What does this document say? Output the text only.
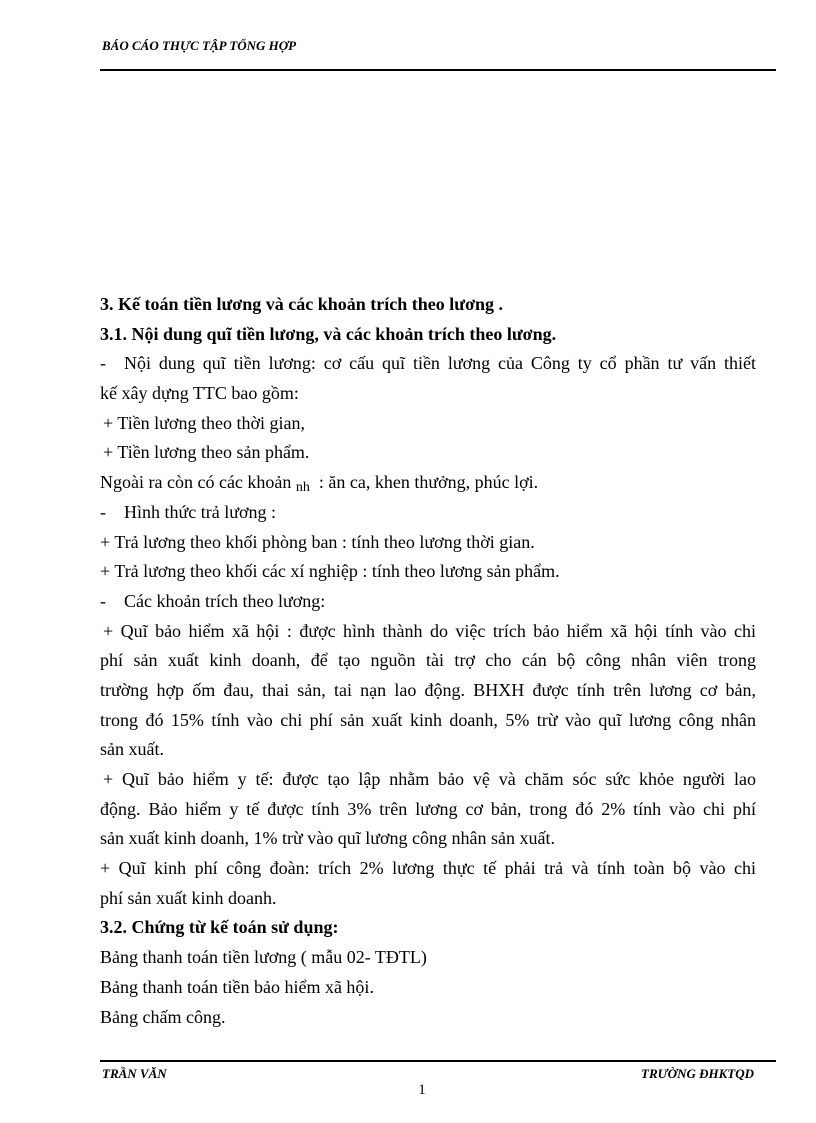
BÁO CÁO THỰC TẬP TỔNG HỢP
3. Kế toán tiền lương và các khoản trích theo lương .
3.1. Nội dung quĩ tiền lương, và các khoản trích theo lương.
- Nội dung quĩ tiền lương: cơ cấu quĩ tiền lương của Công ty cổ phần tư vấn thiết
kế xây dựng TTC bao gồm:
+ Tiền lương theo thời gian,
+ Tiền lương theo sản phẩm.
Ngoài ra còn có các khoản nh : ăn ca, khen thưởng, phúc lợi.
- Hình thức trả lương :
+ Trả lương theo khối phòng ban : tính theo lương thời gian.
+ Trả lương theo khối các xí nghiệp : tính theo lương sản phẩm.
- Các khoản trích theo lương:
+ Quĩ bảo hiểm xã hội : được hình thành do việc trích bảo hiểm xã hội tính vào chi
phí sản xuất kinh doanh, để tạo nguồn tài trợ cho cán bộ công nhân viên trong
trường hợp ốm đau, thai sản, tai nạn lao động. BHXH được tính trên lương cơ bản,
trong đó 15% tính vào chi phí sản xuất kinh doanh, 5% trừ vào quĩ lương công nhân
sản xuất.
+ Quĩ bảo hiểm y tế: được tạo lập nhằm bảo vệ và chăm sóc sức khỏe người lao
động. Bảo hiểm y tế được tính 3% trên lương cơ bản, trong đó 2% tính vào chi phí
sản xuất kinh doanh, 1% trừ vào quĩ lương công nhân sản xuất.
+ Quĩ kinh phí công đoàn: trích 2% lương thực tế phải trả và tính toàn bộ vào chi
phí sản xuất kinh doanh.
3.2. Chứng từ kế toán sử dụng:
Bảng thanh toán tiền lương ( mẫu 02- TĐTL)
Bảng thanh toán tiền bảo hiểm xã hội.
Bảng chấm công.
TRẦN VĂN	TRƯỜNG ĐHKTQD
1
